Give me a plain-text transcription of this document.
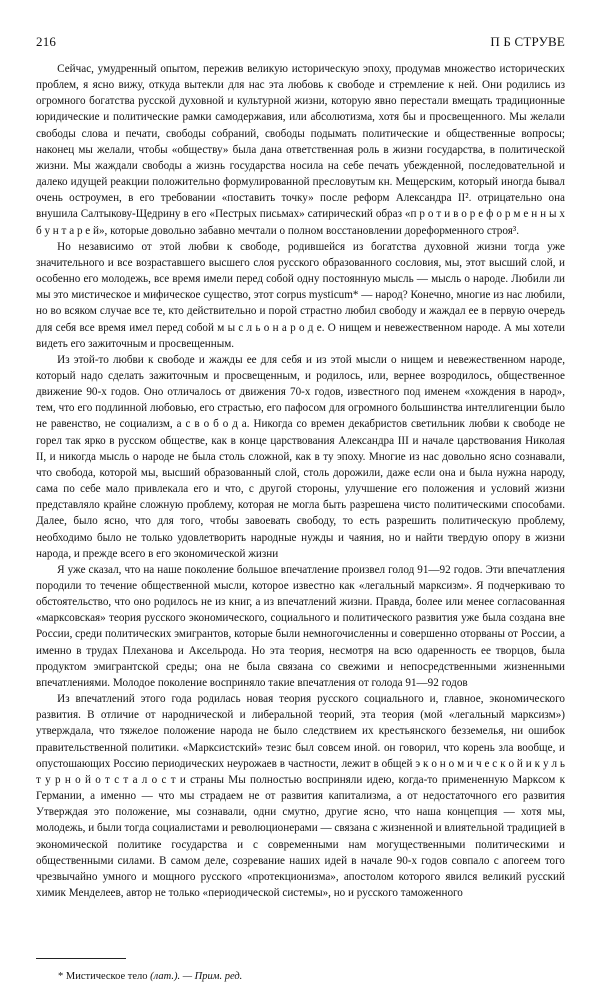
216	П Б СТРУВЕ

Сейчас, умудренный опытом, пережив великую историческую эпоху, продумав множество исторических проблем, я ясно вижу, откуда вытекли для нас эта любовь к свободе и стремление к ней. Они родились из огромного богатства русской духовной и культурной жизни, которую явно перестали вмещать традиционные юридические и политические рамки самодержавия, или абсолютизма, хотя бы и просвещенного. Мы желали свободы слова и печати, свободы собраний, свободы подымать политические и общественные вопросы; наконец мы желали, чтобы «обществу» была дана ответственная роль в жизни государства, в политической жизни. Мы жаждали свободы а жизнь государства носила на себе печать убежденной, последовательной и далеко идущей реакции положительно формулированной пресловутым кн. Мещерским, который иногда бывал очень остроумен, в его требовании «поставить точку» после реформ Александра II². отрицательно она внушила Салтыкову-Щедрину в его «Пестрых письмах» сатирический образ «п р о т и в о р е ф о р м е н н ы х б у н т а р е й», которые довольно забавно мечтали о полном восстановлении дореформенного строя³.

Но независимо от этой любви к свободе, родившейся из богатства духовной жизни тогда уже значительного и все возраставшего высшего слоя русского образованного сословия, мы, этот высший слой, и особенно его молодежь, все время имели перед собой одну постоянную мысль — мысль о народе. Любили ли мы это мистическое и мифическое существо, этот corpus mysticum* — народ? Конечно, многие из нас любили, но во всяком случае все те, кто действительно и порой страстно любил свободу и жаждал ее в первую очередь для себя все время имел перед собой м ы с л ь о н а р о д е. О нищем и невежественном народе. А мы хотели видеть его зажиточным и просвещенным.

Из этой-то любви к свободе и жажды ее для себя и из этой мысли о нищем и невежественном народе, который надо сделать зажиточным и просвещенным, и родилось, или, вернее возродилось, общественное движение 90-х годов. Оно отличалось от движения 70-х годов, известного под именем «хождения в народ», тем, что его подлинной любовью, его страстью, его пафосом для огромного большинства интеллигенции было не равенство, не социализм, а с в о б о д а. Никогда со времен декабристов светильник любви к свободе не горел так ярко в русском обществе, как в конце царствования Александра III и начале царствования Николая II, и никогда мысль о народе не была столь сложной, как в ту эпоху. Многие из нас довольно ясно сознавали, что свобода, которой мы, высший образованный слой, столь дорожили, даже если она и была нужна народу, сама по себе мало привлекала его и что, с другой стороны, улучшение его положения и условий жизни представляло крайне сложную проблему, которая не могла быть разрешена чисто политическими способами. Далее, было ясно, что для того, чтобы завоевать свободу, то есть разрешить политическую проблему, необходимо было не только удовлетворить народные нужды и чаяния, но и найти твердую опору в жизни народа, и прежде всего в его экономической жизни

Я уже сказал, что на наше поколение большое впечатление произвел голод 91—92 годов. Эти впечатления породили то течение общественной мысли, которое известно как «легальный марксизм». Я подчеркиваю то обстоятельство, что оно родилось не из книг, а из впечатлений жизни. Правда, более или менее согласованная «марксовская» теория русского экономического, социального и политического развития уже была создана вне России, среди политических эмигрантов, которые были немногочисленны и совершенно оторваны от России, а именно в трудах Плеханова и Аксельрода. Но эта теория, несмотря на всю одаренность ее творцов, была продуктом эмигрантской среды; она не была связана со свежими и непосредственными жизненными впечатлениями. Молодое поколение восприняло такие впечатления от голода 91—92 годов

Из впечатлений этого года родилась новая теория русского социального и, главное, экономического развития. В отличие от народнической и либеральной теорий, эта теория (мой «легальный марксизм») утверждала, что тяжелое положение народа не было следствием их крестьянского безземелья, ни ошибок правительственной политики. «Марксистский» тезис был совсем иной. он говорил, что корень зла вообще, и опустошающих Россию периодических неурожаев в частности, лежит в общей э к о н о м и ч е с к о й и к у л ь т у р н о й о т с т а л о с т и страны Мы полностью восприняли идею, когда-то примененную Марксом к Германии, а именно — что мы страдаем не от развития капитализма, а от недостаточного его развития Утверждая это положение, мы сознавали, одни смутно, другие ясно, что наша концепция — хотя мы, молодежь, и были тогда социалистами и революционерами — связана с жизненной и влиятельной традицией в экономической политике государства и с современными нам могущественными политическими и общественными силами. В самом деле, созревание наших идей в начале 90-х годов совпало с апогеем того чрезвычайно умного и мощного русского «протекционизма», апостолом которого явился великий русский химик Менделеев, автор не только «периодической системы», но и русского таможенного

* Мистическое тело (лат.). — Прим. ред.
